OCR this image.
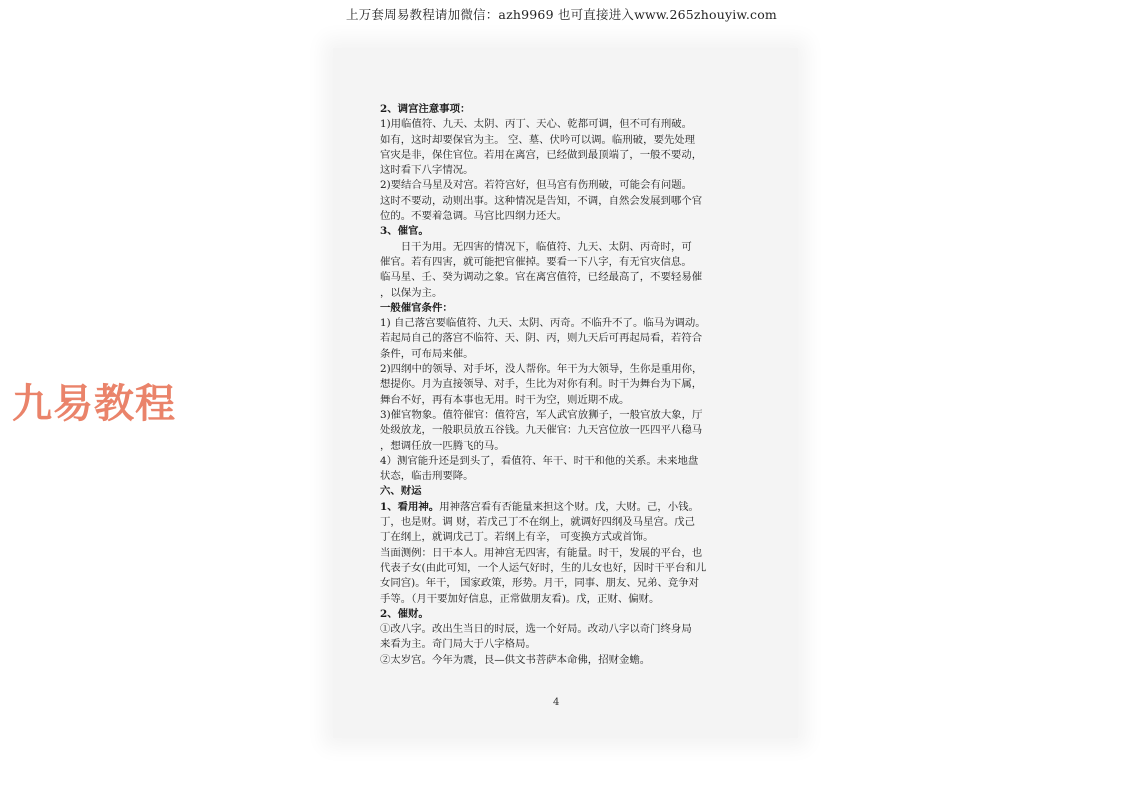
上万套周易教程请加微信：azh9969 也可直接进入www.265zhouyiw.com
九易教程

2、调宫注意事项：

1)用临值符、九天、太阴、丙丁、天心、乾都可调，但不可有刑破。

如有，这时却要保官为主。 空、墓、伏吟可以调。临刑破，要先处理

官灾是非，保住官位。若用在离宫，已经做到最顶端了，一般不要动，

这时看下八字情况。

2)要结合马星及对宫。若符宫好，但马宫有伤刑破，可能会有问题。

这时不要动，动则出事。这种情况是告知，不调，自然会发展到哪个官

位的。不要着急调。马宫比四纲力还大。

3、催官。

日干为用。无四害的情况下，临值符、九天、太阴、丙奇时，可

催官。若有四害，就可能把官催掉。要看一下八字，有无官灾信息。

临马星、壬、癸为调动之象。官在离宫值符，已经最高了，不要轻易催

，以保为主。

一般催官条件：

1) 自己落宫要临值符、九天、太阴、丙奇。不临升不了。临马为调动。

若起局自己的落宫不临符、天、阴、丙，则九天后可再起局看，若符合

条件，可布局来催。

2)四纲中的领导、对手坏，没人帮你。年干为大领导，生你是重用你，

想提你。月为直接领导、对手，生比为对你有利。时干为舞台为下属，

舞台不好，再有本事也无用。时干为空，则近期不成。

3)催官物象。值符催官：值符宫，军人武官放狮子，一般官放大象，厅

处级放龙，一般职员放五谷钱。九天催官：九天宫位放一匹四平八稳马

，想调任放一匹腾飞的马。

4）测官能升还是到头了，看值符、年干、时干和他的关系。未来地盘

状态，临击刑要降。

六、财运

1、看用神。用神落宫看有否能量来担这个财。戊，大财。己，小钱。

丁，也是财。调 财，若戊己丁不在纲上，就调好四纲及马星宫。戊己

丁在纲上，就调戊己丁。若纲上有辛， 可变换方式或首饰。

当面测例：日干本人。用神宫无四害，有能量。时干，发展的平台，也

代表子女(由此可知，一个人运气好时，生的儿女也好，因时干平台和儿

女同宫)。年干， 国家政策，形势。月干，同事、朋友、兄弟、竞争对

手等。（月干要加好信息，正常做朋友看)。戊，正财、偏财。

2、催财。

①改八字。改出生当日的时辰，选一个好局。改动八字以奇门终身局

来看为主。奇门局大于八字格局。

②太岁宫。今年为震，艮—供文书菩萨本命佛，招财金蟾。

4
